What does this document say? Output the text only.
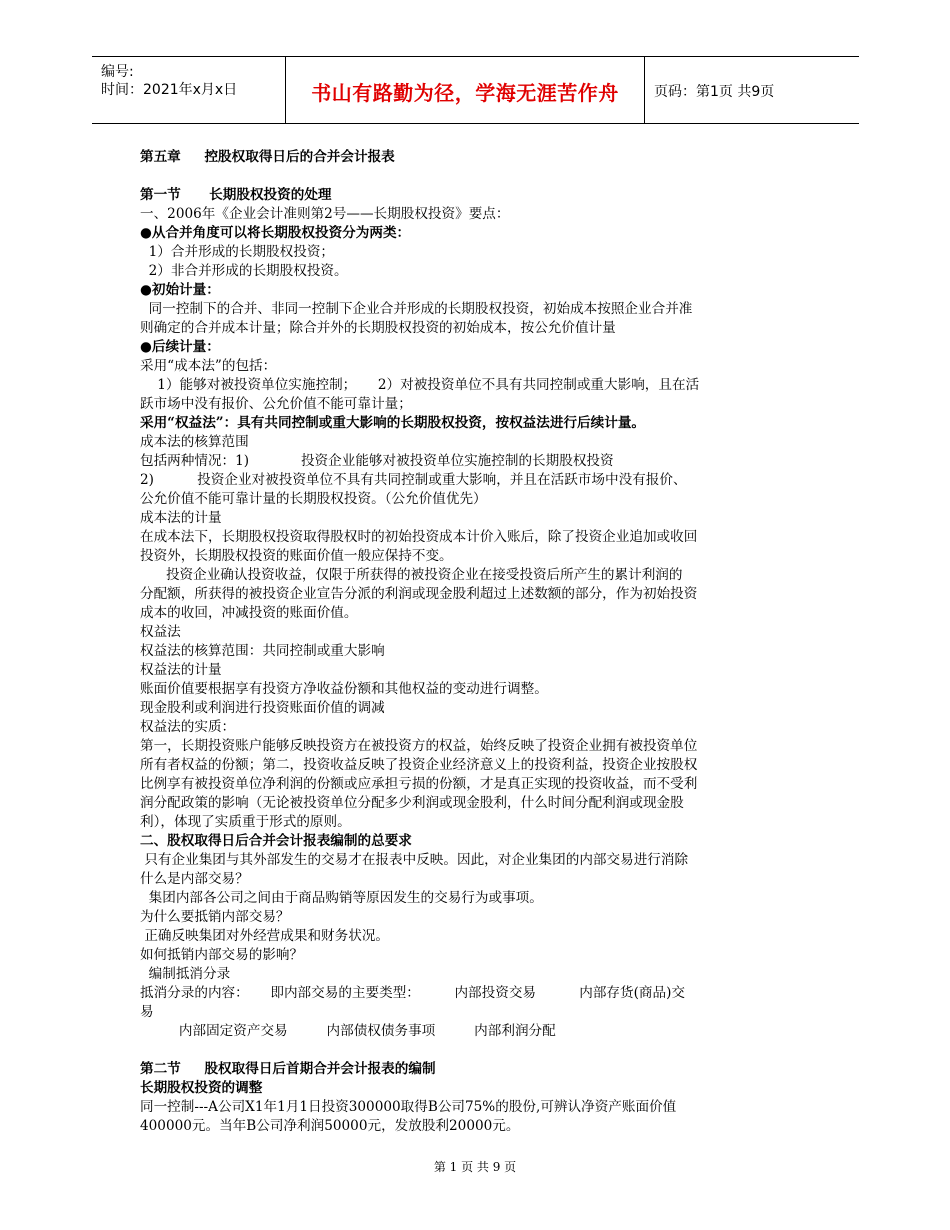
编号:
时间：2021年x月x日	书山有路勤为径，学海无涯苦作舟	页码：第1页 共9页

第五章     控股权取得日后的合并会计报表

第一节      长期股权投资的处理

一、2006年《企业会计准则第2号——长期股权投资》要点：

●从合并角度可以将长期股权投资分为两类：

1）合并形成的长期股权投资；

2）非合并形成的长期股权投资。

●初始计量：

同一控制下的合并、非同一控制下企业合并形成的长期股权投资，初始成本按照企业合并准

则确定的合并成本计量；除合并外的长期股权投资的初始成本，按公允价值计量

●后续计量：

采用“成本法”的包括：

1）能够对被投资单位实施控制；     2）对被投资单位不具有共同控制或重大影响，且在活

跃市场中没有报价、公允价值不能可靠计量；

采用“权益法”：具有共同控制或重大影响的长期股权投资，按权益法进行后续计量。

成本法的核算范围

包括两种情况：1)            投资企业能够对被投资单位实施控制的长期股权投资

2)          投资企业对被投资单位不具有共同控制或重大影响，并且在活跃市场中没有报价、

公允价值不能可靠计量的长期股权投资。（公允价值优先）

成本法的计量

在成本法下，长期股权投资取得股权时的初始投资成本计价入账后，除了投资企业追加或收回

投资外，长期股权投资的账面价值一般应保持不变。

投资企业确认投资收益，仅限于所获得的被投资企业在接受投资后所产生的累计利润的

分配额，所获得的被投资企业宣告分派的利润或现金股利超过上述数额的部分，作为初始投资

成本的收回，冲减投资的账面价值。

权益法

权益法的核算范围：共同控制或重大影响

权益法的计量

账面价值要根据享有投资方净收益份额和其他权益的变动进行调整。

现金股利或利润进行投资账面价值的调减

权益法的实质：

第一，长期投资账户能够反映投资方在被投资方的权益，始终反映了投资企业拥有被投资单位

所有者权益的份额；第二，投资收益反映了投资企业经济意义上的投资利益，投资企业按股权

比例享有被投资单位净利润的份额或应承担亏损的份额，才是真正实现的投资收益，而不受利

润分配政策的影响（无论被投资单位分配多少利润或现金股利，什么时间分配利润或现金股

利），体现了实质重于形式的原则。

二、股权取得日后合并会计报表编制的总要求

只有企业集团与其外部发生的交易才在报表中反映。因此，对企业集团的内部交易进行消除

什么是内部交易？

集团内部各公司之间由于商品购销等原因发生的交易行为或事项。

为什么要抵销内部交易？

正确反映集团对外经营成果和财务状况。

如何抵销内部交易的影响？

编制抵消分录

抵消分录的内容：     即内部交易的主要类型：        内部投资交易          内部存货(商品)交

易

内部固定资产交易         内部债权债务事项         内部利润分配

第二节     股权取得日后首期合并会计报表的编制

长期股权投资的调整

同一控制---A公司X1年1月1日投资300000取得B公司75%的股份,可辨认净资产账面价值

400000元。当年B公司净利润50000元，发放股利20000元。

第 1 页 共 9 页
